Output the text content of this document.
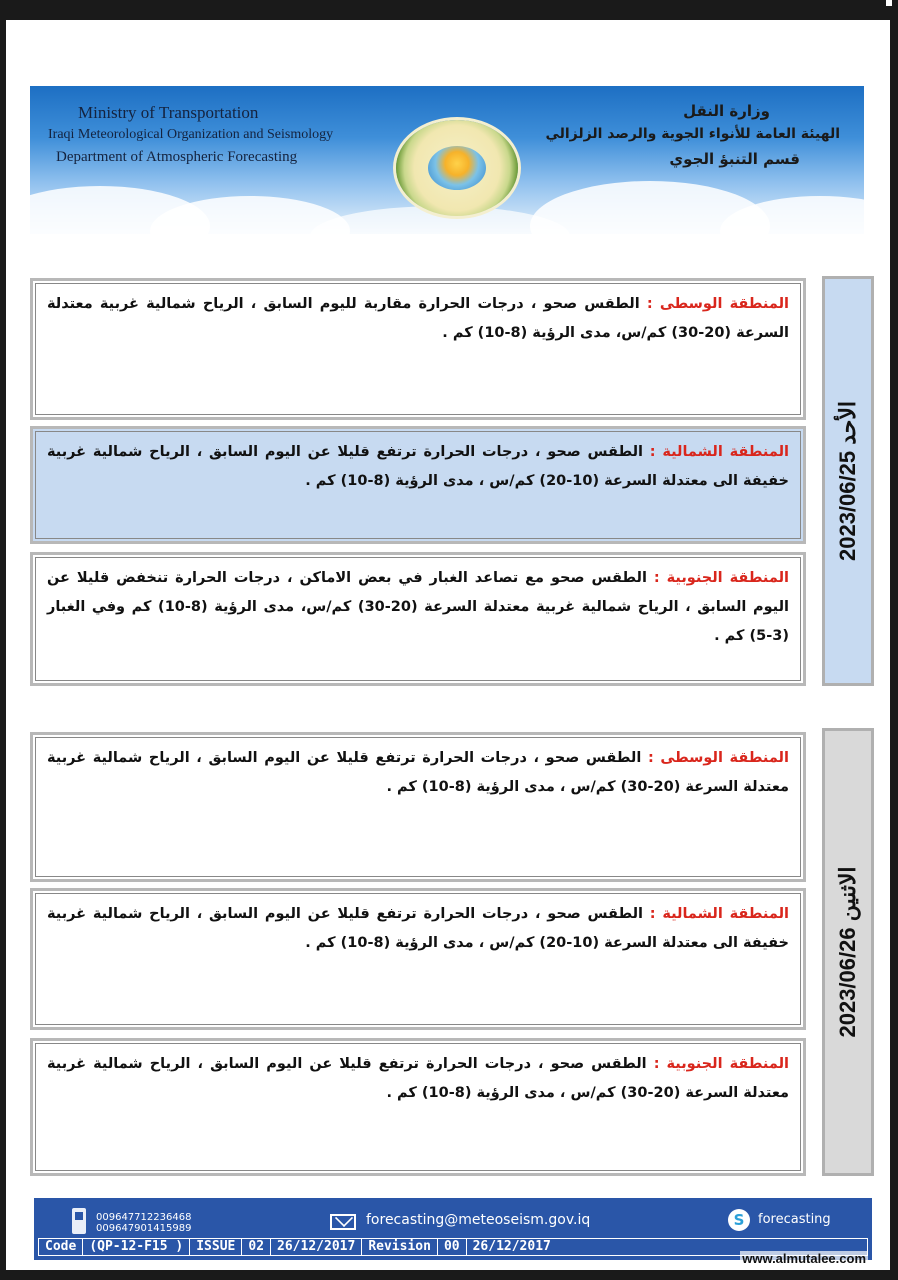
Ministry of Transportation
Iraqi Meteorological Organization and Seismology
Department of Atmospheric Forecasting
وزارة النقل
الهيئة العامة للأنواء الجوية والرصد الزلزالي
قسم التنبؤ الجوي
المنطقة الوسطى : الطقس صحو ، درجات الحرارة مقاربة لليوم السابق ، الرياح شمالية غربية معتدلة السرعة (20-30) كم/س، مدى الرؤية (8-10) كم .
المنطقة الشمالية : الطقس صحو ، درجات الحرارة ترتفع قليلا عن اليوم السابق ، الرياح شمالية غربية خفيفة الى معتدلة السرعة (10-20) كم/س ، مدى الرؤية (8-10) كم .
المنطقة الجنوبية : الطقس صحو مع تصاعد الغبار في بعض الاماكن ، درجات الحرارة تنخفض قليلا عن اليوم السابق ، الرياح شمالية غربية معتدلة السرعة (20-30) كم/س، مدى الرؤية (8-10) كم وفي الغبار (3-5) كم .
الأحد 2023/06/25
المنطقة الوسطى : الطقس صحو ، درجات الحرارة ترتفع قليلا عن اليوم السابق ، الرياح شمالية غربية معتدلة السرعة (20-30) كم/س ، مدى الرؤية (8-10) كم .
المنطقة الشمالية : الطقس صحو ، درجات الحرارة ترتفع قليلا عن اليوم السابق ، الرياح شمالية غربية خفيفة الى معتدلة السرعة (10-20) كم/س ، مدى الرؤية (8-10) كم .
المنطقة الجنوبية : الطقس صحو ، درجات الحرارة ترتفع قليلا عن اليوم السابق ، الرياح شمالية غربية معتدلة السرعة (20-30) كم/س ، مدى الرؤية (8-10) كم .
الاثنين 2023/06/26
009647712236468
009647901415989
forecasting@meteoseism.gov.iq	S	forecasting
Code	(QP-12-F15 )	ISSUE	02	26/12/2017	Revision	00	26/12/2017
www.almutalee.com
